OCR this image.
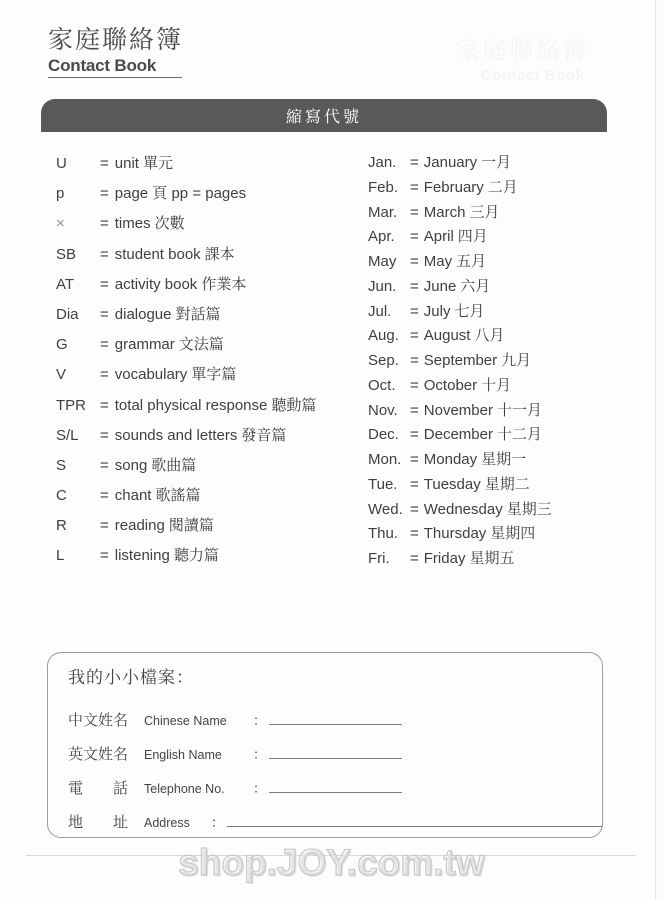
家庭聯絡簿
Contact Book
家庭聯絡簿
Contact Book
縮寫代號
U	= unit 單元
p	= page 頁 pp = pages
×	= times 次數
SB	= student book 課本
AT	= activity book 作業本
Dia	= dialogue 對話篇
G	= grammar 文法篇
V	= vocabulary 單字篇
TPR = total physical response 聽動篇
S/L	= sounds and letters 發音篇
S	= song 歌曲篇
C	= chant 歌謠篇
R	= reading 閱讀篇
L	= listening 聽力篇
Jan. = January 一月
Feb. = February 二月
Mar. = March 三月
Apr.	= April 四月
May = May 五月
Jun. = June 六月
Jul.	= July 七月
Aug. = August 八月
Sep. = September 九月
Oct. = October 十月
Nov. = November 十一月
Dec. = December 十二月
Mon. = Monday 星期一
Tue. = Tuesday 星期二
Wed. = Wednesday 星期三
Thu. = Thursday 星期四
Fri.	= Friday 星期五
我的小小檔案：
中文姓名	Chinese Name	：
英文姓名	English Name	：
電　　話	Telephone No.	：
地　　址	Address	：
shop.JOY.com.tw
